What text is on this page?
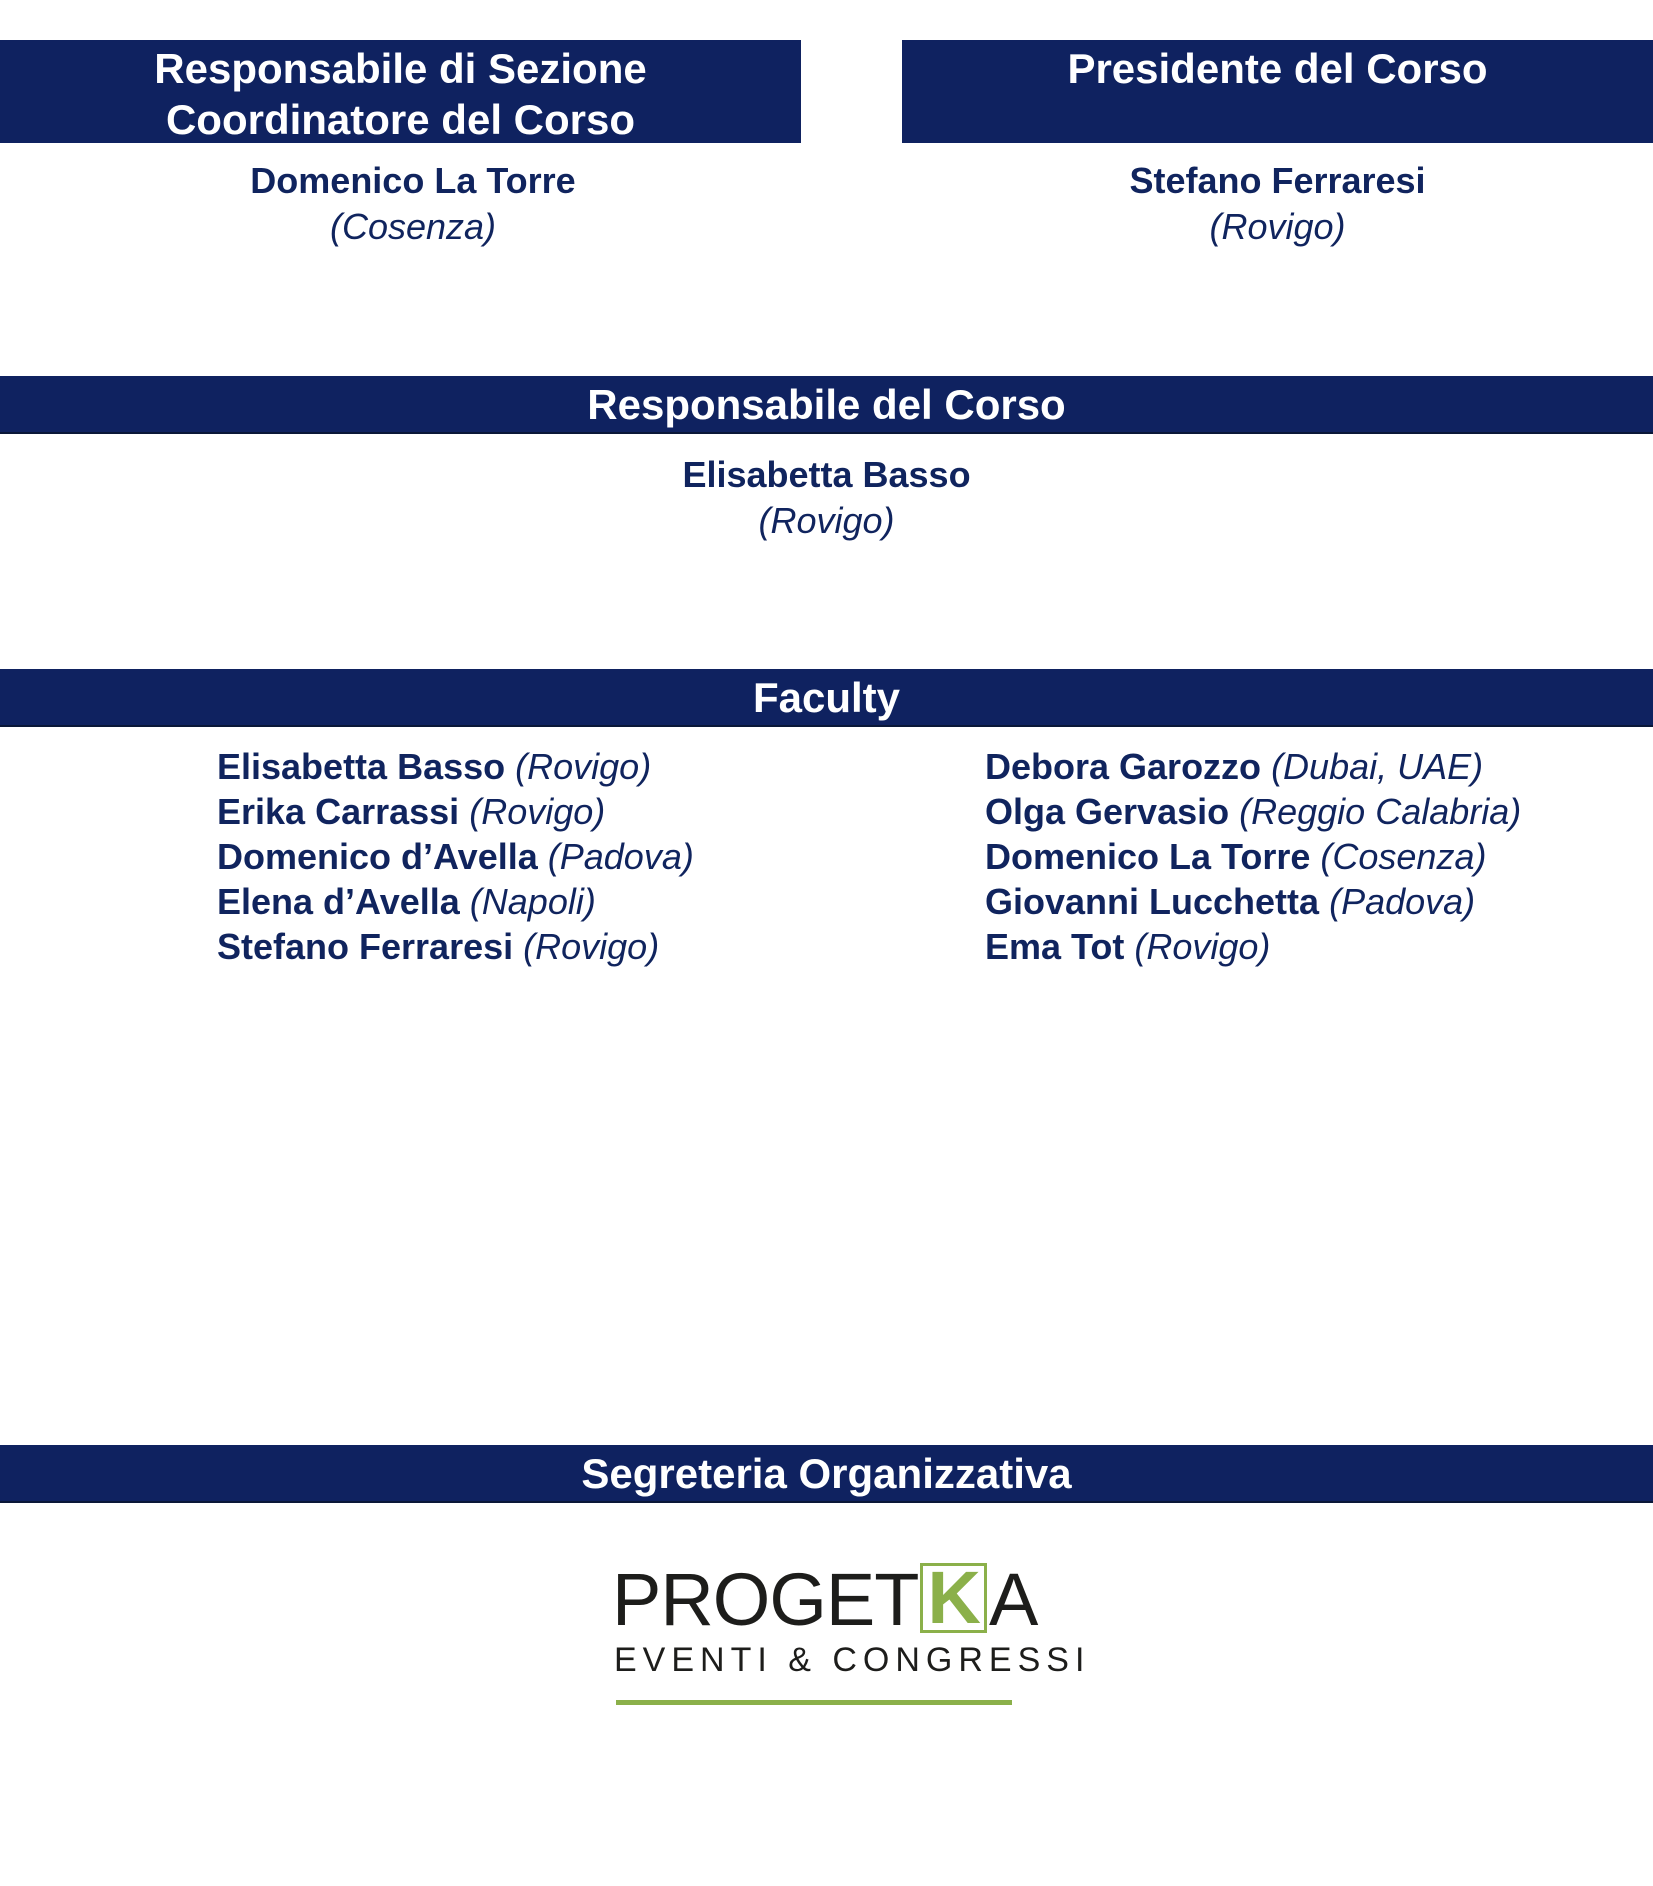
Responsabile di Sezione
Coordinatore del Corso
Presidente del Corso
Domenico La Torre
(Cosenza)
Stefano Ferraresi
(Rovigo)
Responsabile del Corso
Elisabetta Basso
(Rovigo)
Faculty
Elisabetta Basso (Rovigo)
Erika Carrassi (Rovigo)
Domenico d’Avella (Padova)
Elena d’Avella (Napoli)
Stefano Ferraresi (Rovigo)
Debora Garozzo (Dubai, UAE)
Olga Gervasio (Reggio Calabria)
Domenico La Torre (Cosenza)
Giovanni Lucchetta (Padova)
Ema Tot (Rovigo)
Segreteria Organizzativa
PROGET K A
EVENTI & CONGRESSI
